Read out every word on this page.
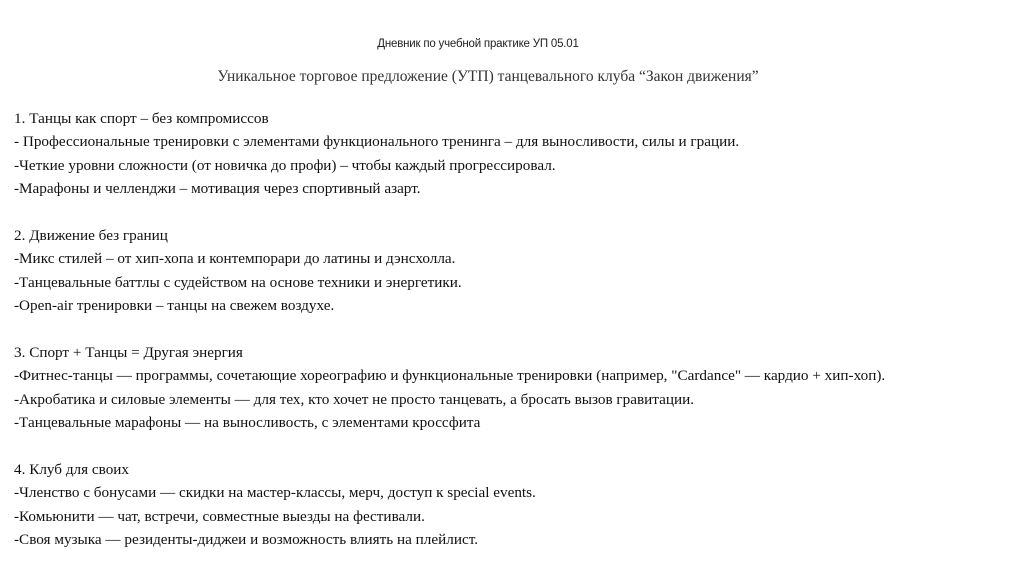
Дневник по учебной практике УП 05.01
Уникальное торговое предложение (УТП) танцевального клуба “Закон движения”
1. Танцы как спорт – без компромиссов
- Профессиональные тренировки с элементами функционального тренинга – для выносливости, силы и грации.
-Четкие уровни сложности (от новичка до профи) – чтобы каждый прогрессировал.
-Марафоны и челленджи – мотивация через спортивный азарт.
2. Движение без границ
-Микс стилей – от хип-хопа и контемпорари до латины и дэнсхолла.
-Танцевальные баттлы с судейством на основе техники и энергетики.
-Open-air тренировки – танцы на свежем воздухе.
3. Спорт + Танцы = Другая энергия
-Фитнес-танцы — программы, сочетающие хореографию и функциональные тренировки (например, "Cardance" — кардио + хип-хоп).
-Акробатика и силовые элементы — для тех, кто хочет не просто танцевать, а бросать вызов гравитации.
-Танцевальные марафоны — на выносливость, с элементами кроссфита
4. Клуб для своих
-Членство с бонусами — скидки на мастер-классы, мерч, доступ к special events.
-Комьюнити — чат, встречи, совместные выезды на фестивали.
-Своя музыка — резиденты-диджеи и возможность влиять на плейлист.
